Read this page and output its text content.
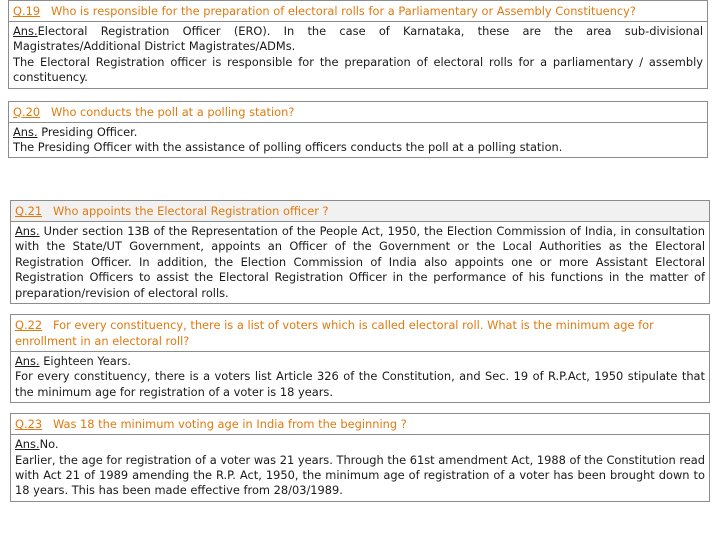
Q.19 Who is responsible for the preparation of electoral rolls for a Parliamentary or Assembly Constituency?
Ans.Electoral Registration Officer (ERO). In the case of Karnataka, these are the area sub-divisional Magistrates/Additional District Magistrates/ADMs.
The Electoral Registration officer is responsible for the preparation of electoral rolls for a parliamentary / assembly constituency.
Q.20 Who conducts the poll at a polling station?
Ans. Presiding Officer.
The Presiding Officer with the assistance of polling officers conducts the poll at a polling station.
Q.21 Who appoints the Electoral Registration officer ?
Ans. Under section 13B of the Representation of the People Act, 1950, the Election Commission of India, in consultation with the State/UT Government, appoints an Officer of the Government or the Local Authorities as the Electoral Registration Officer. In addition, the Election Commission of India also appoints one or more Assistant Electoral Registration Officers to assist the Electoral Registration Officer in the performance of his functions in the matter of preparation/revision of electoral rolls.
Q.22 For every constituency, there is a list of voters which is called electoral roll. What is the minimum age for enrollment in an electoral roll?
Ans. Eighteen Years.
For every constituency, there is a voters list Article 326 of the Constitution, and Sec. 19 of R.P.Act, 1950 stipulate that the minimum age for registration of a voter is 18 years.
Q.23 Was 18 the minimum voting age in India from the beginning ?
Ans.No.
Earlier, the age for registration of a voter was 21 years. Through the 61st amendment Act, 1988 of the Constitution read with Act 21 of 1989 amending the R.P. Act, 1950, the minimum age of registration of a voter has been brought down to 18 years. This has been made effective from 28/03/1989.
